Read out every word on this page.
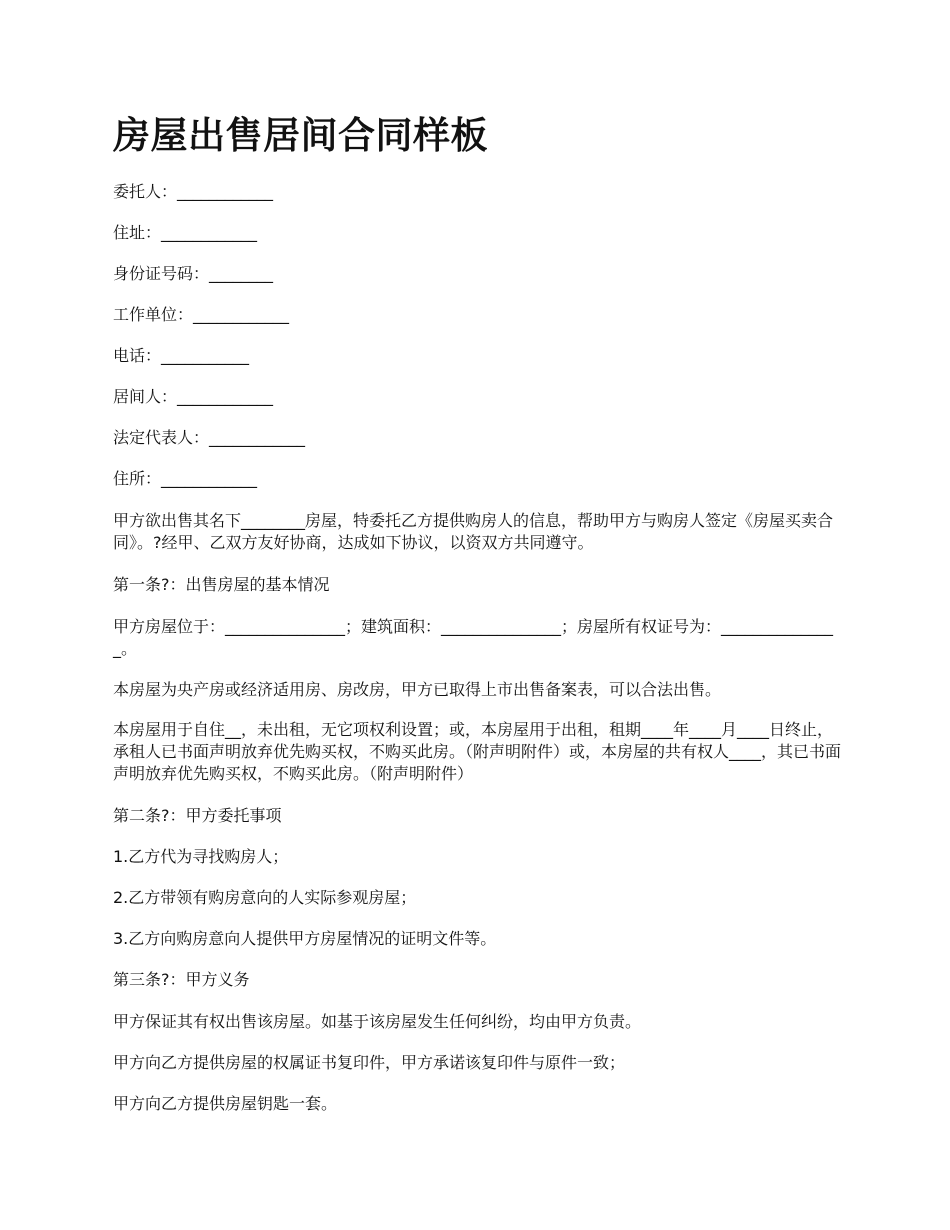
房屋出售居间合同样板

委托人：____________

住址：____________

身份证号码：________

工作单位：____________

电话：___________

居间人：____________

法定代表人：____________

住所：____________

甲方欲出售其名下________房屋，特委托乙方提供购房人的信息，帮助甲方与购房人签定《房屋买卖合同》。?经甲、乙双方友好协商，达成如下协议，以资双方共同遵守。

第一条?：出售房屋的基本情况

甲方房屋位于：_______________；建筑面积：_______________；房屋所有权证号为：_______________。

本房屋为央产房或经济适用房、房改房，甲方已取得上市出售备案表，可以合法出售。

本房屋用于自住__，未出租，无它项权利设置；或，本房屋用于出租，租期____年____月____日终止，承租人已书面声明放弃优先购买权，不购买此房。（附声明附件）或，本房屋的共有权人____，其已书面声明放弃优先购买权，不购买此房。（附声明附件）

第二条?：甲方委托事项

1.乙方代为寻找购房人；

2.乙方带领有购房意向的人实际参观房屋；

3.乙方向购房意向人提供甲方房屋情况的证明文件等。

第三条?：甲方义务

甲方保证其有权出售该房屋。如基于该房屋发生任何纠纷，均由甲方负责。

甲方向乙方提供房屋的权属证书复印件，甲方承诺该复印件与原件一致；

甲方向乙方提供房屋钥匙一套。
